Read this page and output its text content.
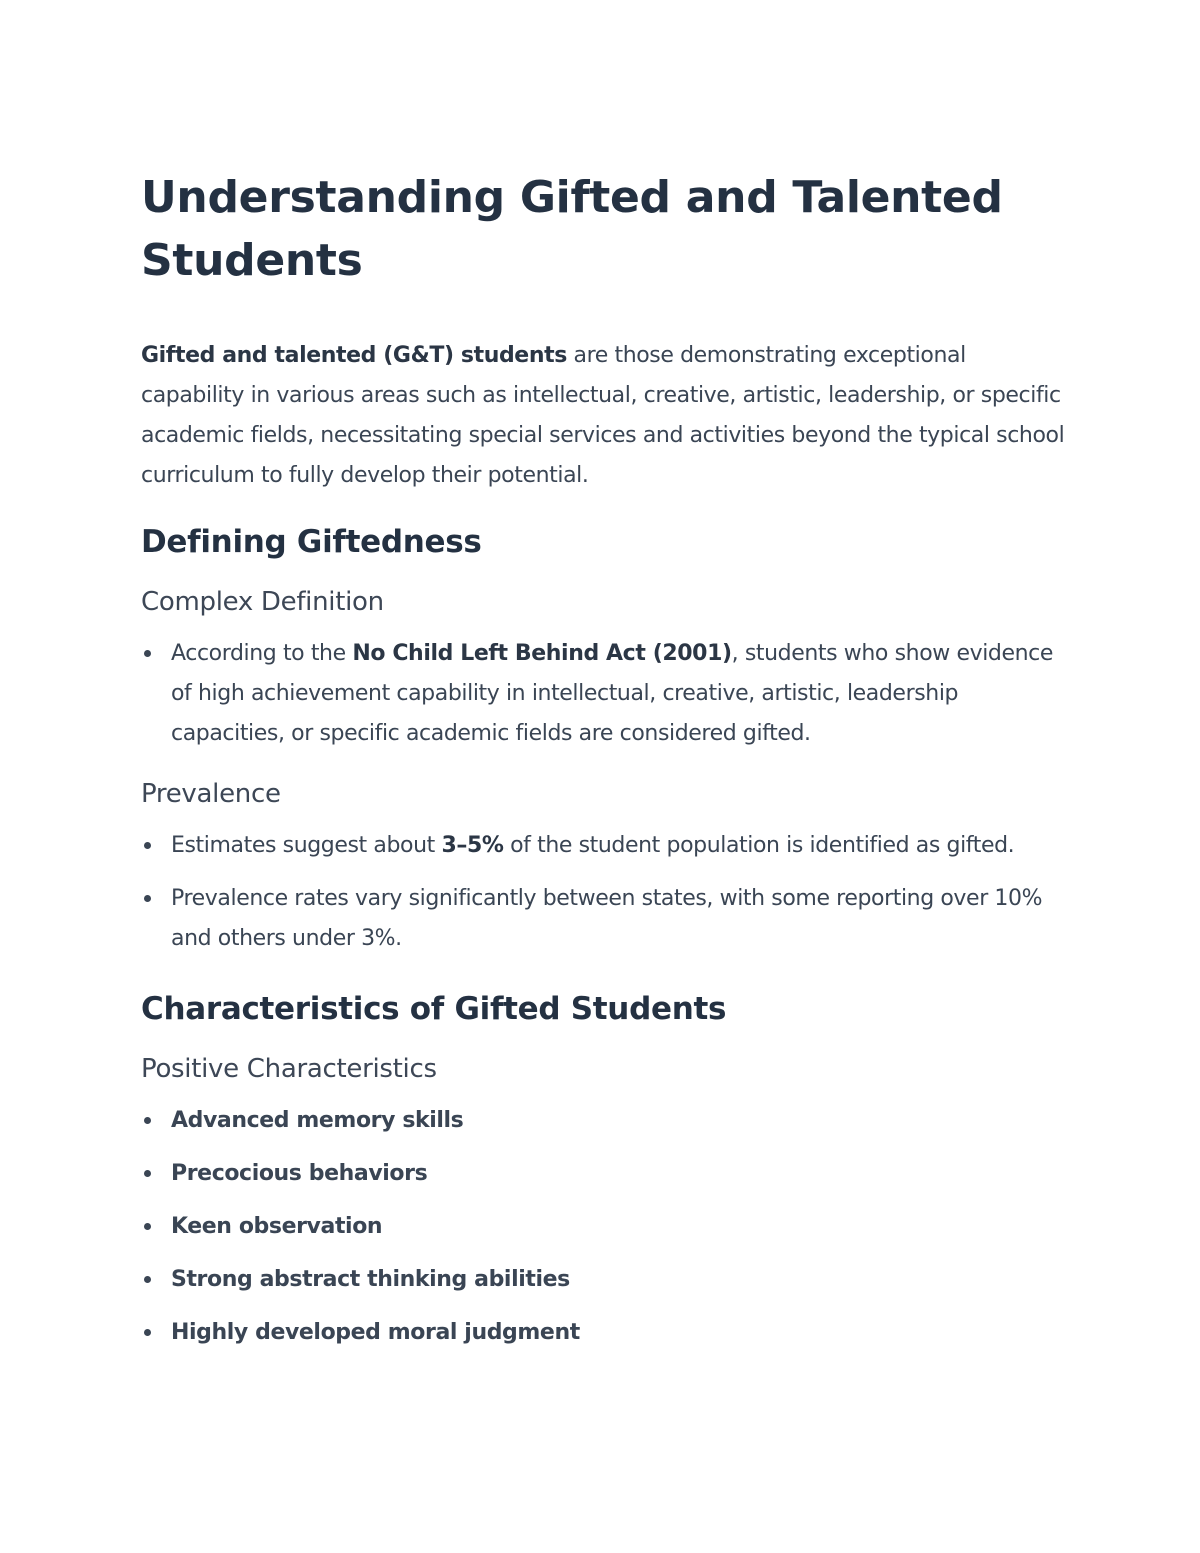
Understanding Gifted and Talented Students

Gifted and talented (G&T) students are those demonstrating exceptional capability in various areas such as intellectual, creative, artistic, leadership, or specific academic fields, necessitating special services and activities beyond the typical school curriculum to fully develop their potential.

Defining Giftedness
Complex Definition
According to the No Child Left Behind Act (2001), students who show evidence of high achievement capability in intellectual, creative, artistic, leadership capacities, or specific academic fields are considered gifted.
Prevalence
Estimates suggest about 3–5% of the student population is identified as gifted.
Prevalence rates vary significantly between states, with some reporting over 10% and others under 3%.
Characteristics of Gifted Students
Positive Characteristics
Advanced memory skills
Precocious behaviors
Keen observation
Strong abstract thinking abilities
Highly developed moral judgment
